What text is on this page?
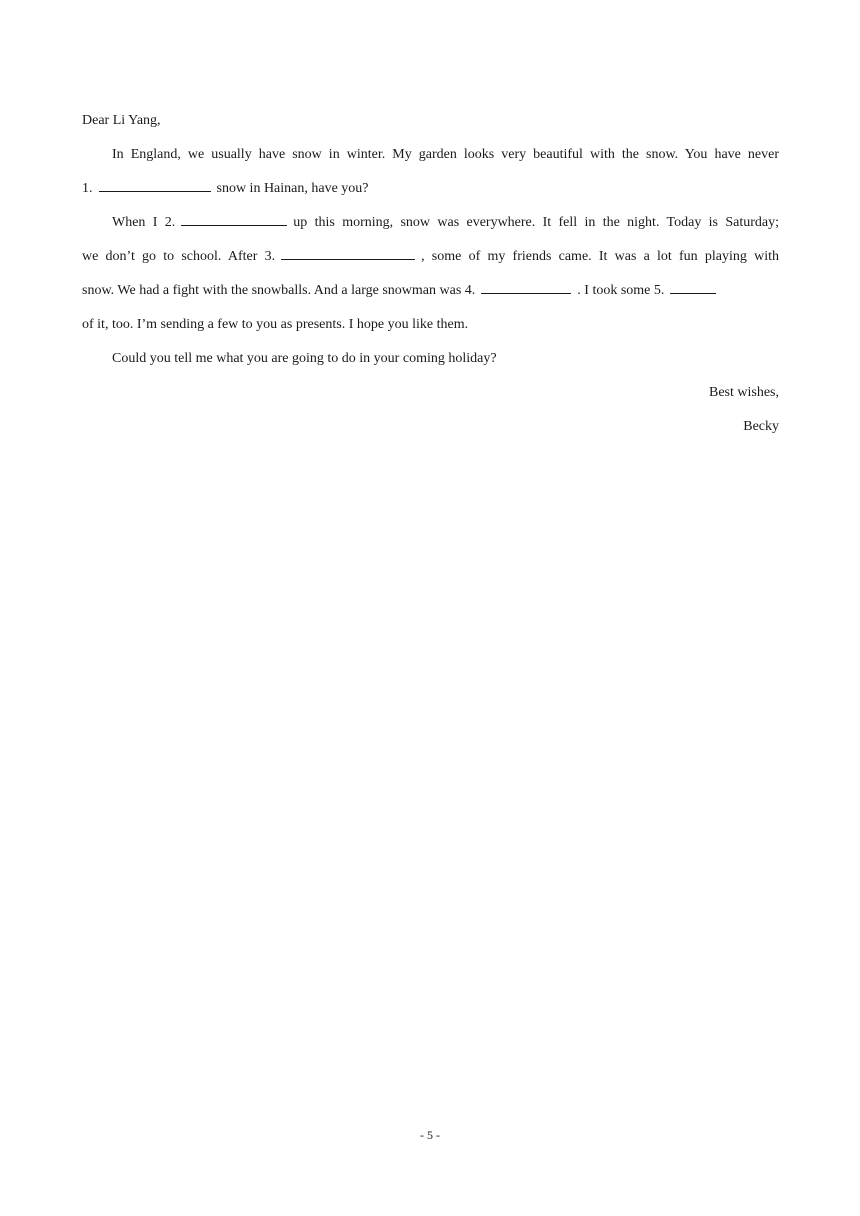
Dear Li Yang,
In England, we usually have snow in winter. My garden looks very beautiful with the snow. You have never
1.	snow in Hainan, have you?
When I 2.	up this morning, snow was everywhere. It fell in the night. Today is Saturday;
we don’t go to school. After 3.	, some of my friends came. It was a lot fun playing with
snow. We had a fight with the snowballs. And a large snowman was 4.	. I took some 5.
of it, too. I’m sending a few to you as presents. I hope you like them.
Could you tell me what you are going to do in your coming holiday?
Best wishes,
Becky
- 5 -
